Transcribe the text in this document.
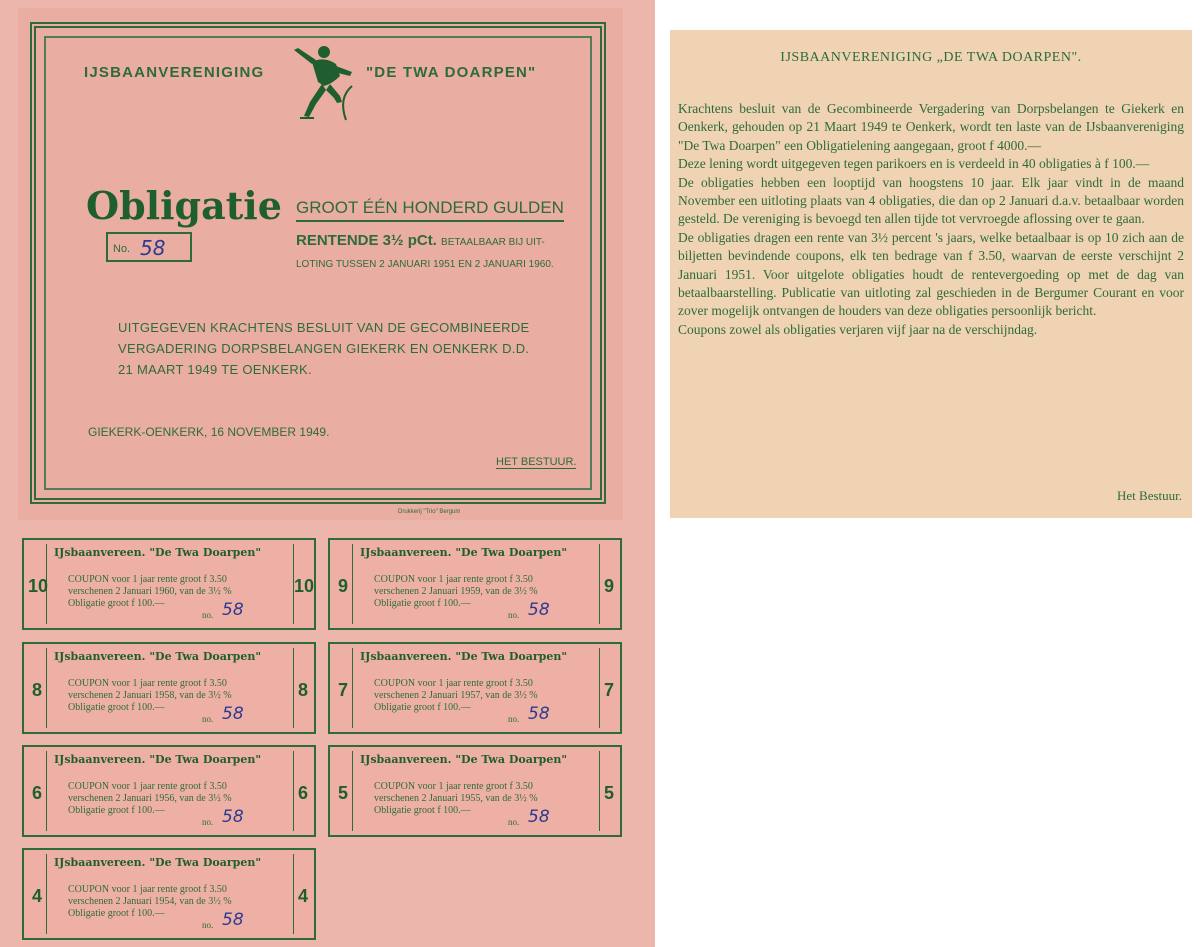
IJSBAANVERENIGING	"DE TWA DOARPEN"
Obligatie GROOT ÉÉN HONDERD GULDEN
No. 58	RENTENDE 3½ pCt. BETAALBAAR BIJ UIT-
LOTING TUSSEN 2 JANUARI 1951 EN 2 JANUARI 1960.
UITGEGEVEN KRACHTENS BESLUIT VAN DE GECOMBINEERDE
VERGADERING DORPSBELANGEN GIEKERK EN OENKERK D.D.
21 MAART 1949 TE OENKERK.
GIEKERK-OENKERK, 16 NOVEMBER 1949.
HET BESTUUR.
Drukkerij "Trio" Bergum
IJsbaanvereen. "De Twa Doarpen"
10	10
COUPON voor 1 jaar rente groot f 3.50
verschenen 2 Januari 1960, van de 3½ %
Obligatie groot f 100.—
no. 58
IJsbaanvereen. "De Twa Doarpen"
9	9
COUPON voor 1 jaar rente groot f 3.50
verschenen 2 Januari 1959, van de 3½ %
Obligatie groot f 100.—
no. 58
IJsbaanvereen. "De Twa Doarpen"
8	8
COUPON voor 1 jaar rente groot f 3.50
verschenen 2 Januari 1958, van de 3½ %
Obligatie groot f 100.—
no. 58
IJsbaanvereen. "De Twa Doarpen"
7	7
COUPON voor 1 jaar rente groot f 3.50
verschenen 2 Januari 1957, van de 3½ %
Obligatie groot f 100.—
no. 58
IJsbaanvereen. "De Twa Doarpen"
6	6
COUPON voor 1 jaar rente groot f 3.50
verschenen 2 Januari 1956, van de 3½ %
Obligatie groot f 100.—
no. 58
IJsbaanvereen. "De Twa Doarpen"
5	5
COUPON voor 1 jaar rente groot f 3.50
verschenen 2 Januari 1955, van de 3½ %
Obligatie groot f 100.—
no. 58
IJsbaanvereen. "De Twa Doarpen"
4	4
COUPON voor 1 jaar rente groot f 3.50
verschenen 2 Januari 1954, van de 3½ %
Obligatie groot f 100.—
no. 58
IJSBAANVERENIGING „DE TWA DOARPEN".

Krachtens besluit van de Gecombineerde Vergadering van Dorpsbelangen te Giekerk en Oenkerk, gehouden op 21 Maart 1949 te Oenkerk, wordt ten laste van de IJsbaanvereniging "De Twa Doarpen" een Obligatielening aangegaan, groot f 4000.—

Deze lening wordt uitgegeven tegen parikoers en is verdeeld in 40 obligaties à f 100.—

De obligaties hebben een looptijd van hoogstens 10 jaar. Elk jaar vindt in de maand November een uitloting plaats van 4 obligaties, die dan op 2 Januari d.a.v. betaalbaar worden gesteld. De vereniging is bevoegd ten allen tijde tot vervroegde aflossing over te gaan.

De obligaties dragen een rente van 3½ percent 's jaars, welke betaalbaar is op 10 zich aan de biljetten bevindende coupons, elk ten bedrage van f 3.50, waarvan de eerste verschijnt 2 Januari 1951. Voor uitgelote obligaties houdt de rentevergoeding op met de dag van betaalbaarstelling. Publicatie van uitloting zal geschieden in de Bergumer Courant en voor zover mogelijk ontvangen de houders van deze obligaties persoonlijk bericht.

Coupons zowel als obligaties verjaren vijf jaar na de verschijndag.

Het Bestuur.
